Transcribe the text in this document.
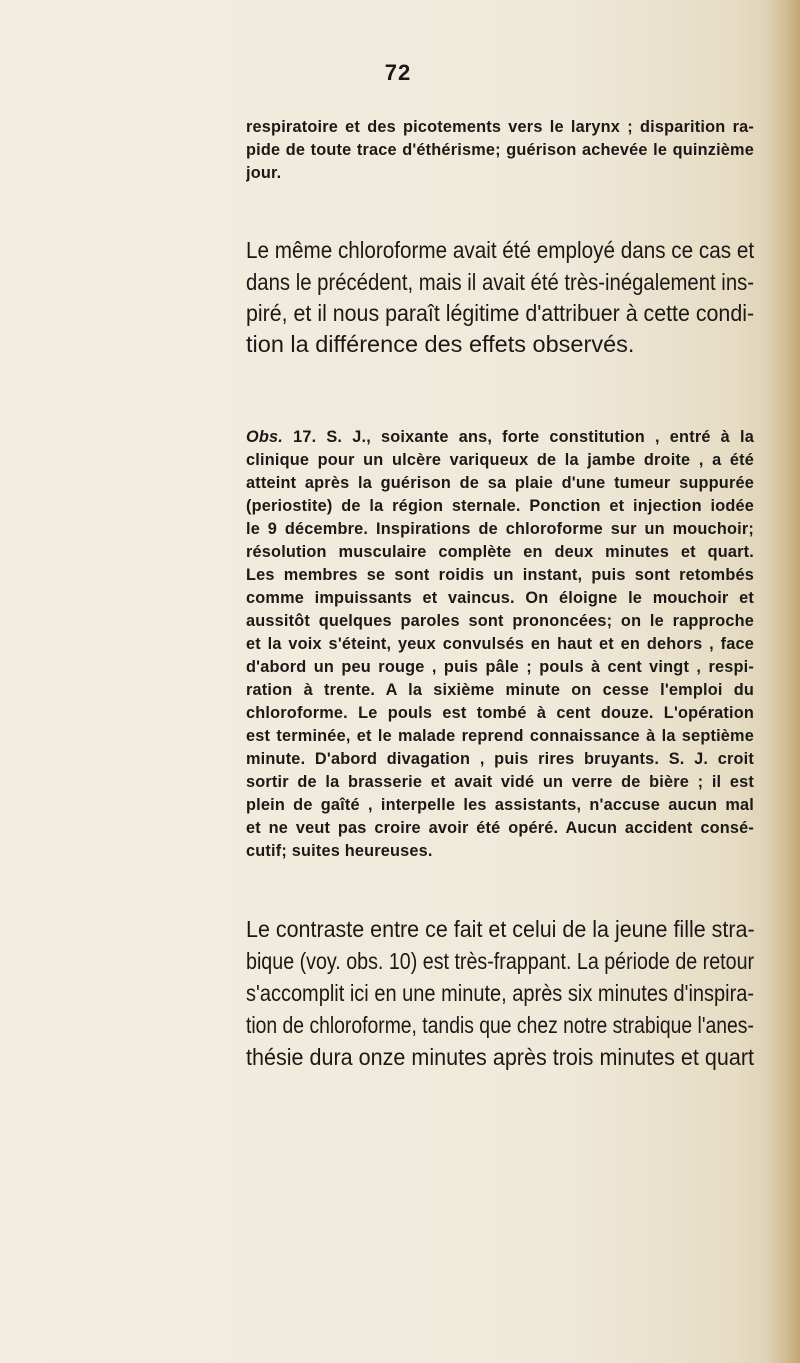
72
respiratoire et des picotements vers le larynx ; disparition ra-
pide de toute trace d'éthérisme; guérison achevée le quinzième
jour.
Le même chloroforme avait été employé dans ce cas et
dans le précédent, mais il avait été très-inégalement ins-
piré, et il nous paraît légitime d'attribuer à cette condi-
tion la différence des effets observés.
Obs. 17. S. J., soixante ans, forte constitution , entré à la
clinique pour un ulcère variqueux de la jambe droite , a été
atteint après la guérison de sa plaie d'une tumeur suppurée
(periostite) de la région sternale. Ponction et injection iodée
le 9 décembre. Inspirations de chloroforme sur un mouchoir;
résolution musculaire complète en deux minutes et quart.
Les membres se sont roidis un instant, puis sont retombés
comme impuissants et vaincus. On éloigne le mouchoir et
aussitôt quelques paroles sont prononcées; on le rapproche
et la voix s'éteint, yeux convulsés en haut et en dehors , face
d'abord un peu rouge , puis pâle ; pouls à cent vingt , respi-
ration à trente. A la sixième minute on cesse l'emploi du
chloroforme. Le pouls est tombé à cent douze. L'opération
est terminée, et le malade reprend connaissance à la septième
minute. D'abord divagation , puis rires bruyants. S. J. croit
sortir de la brasserie et avait vidé un verre de bière ; il est
plein de gaîté , interpelle les assistants, n'accuse aucun mal
et ne veut pas croire avoir été opéré. Aucun accident consé-
cutif; suites heureuses.
Le contraste entre ce fait et celui de la jeune fille stra-
bique (voy. obs. 10) est très-frappant. La période de retour
s'accomplit ici en une minute, après six minutes d'inspira-
tion de chloroforme, tandis que chez notre strabique l'anes-
thésie dura onze minutes après trois minutes et quart
